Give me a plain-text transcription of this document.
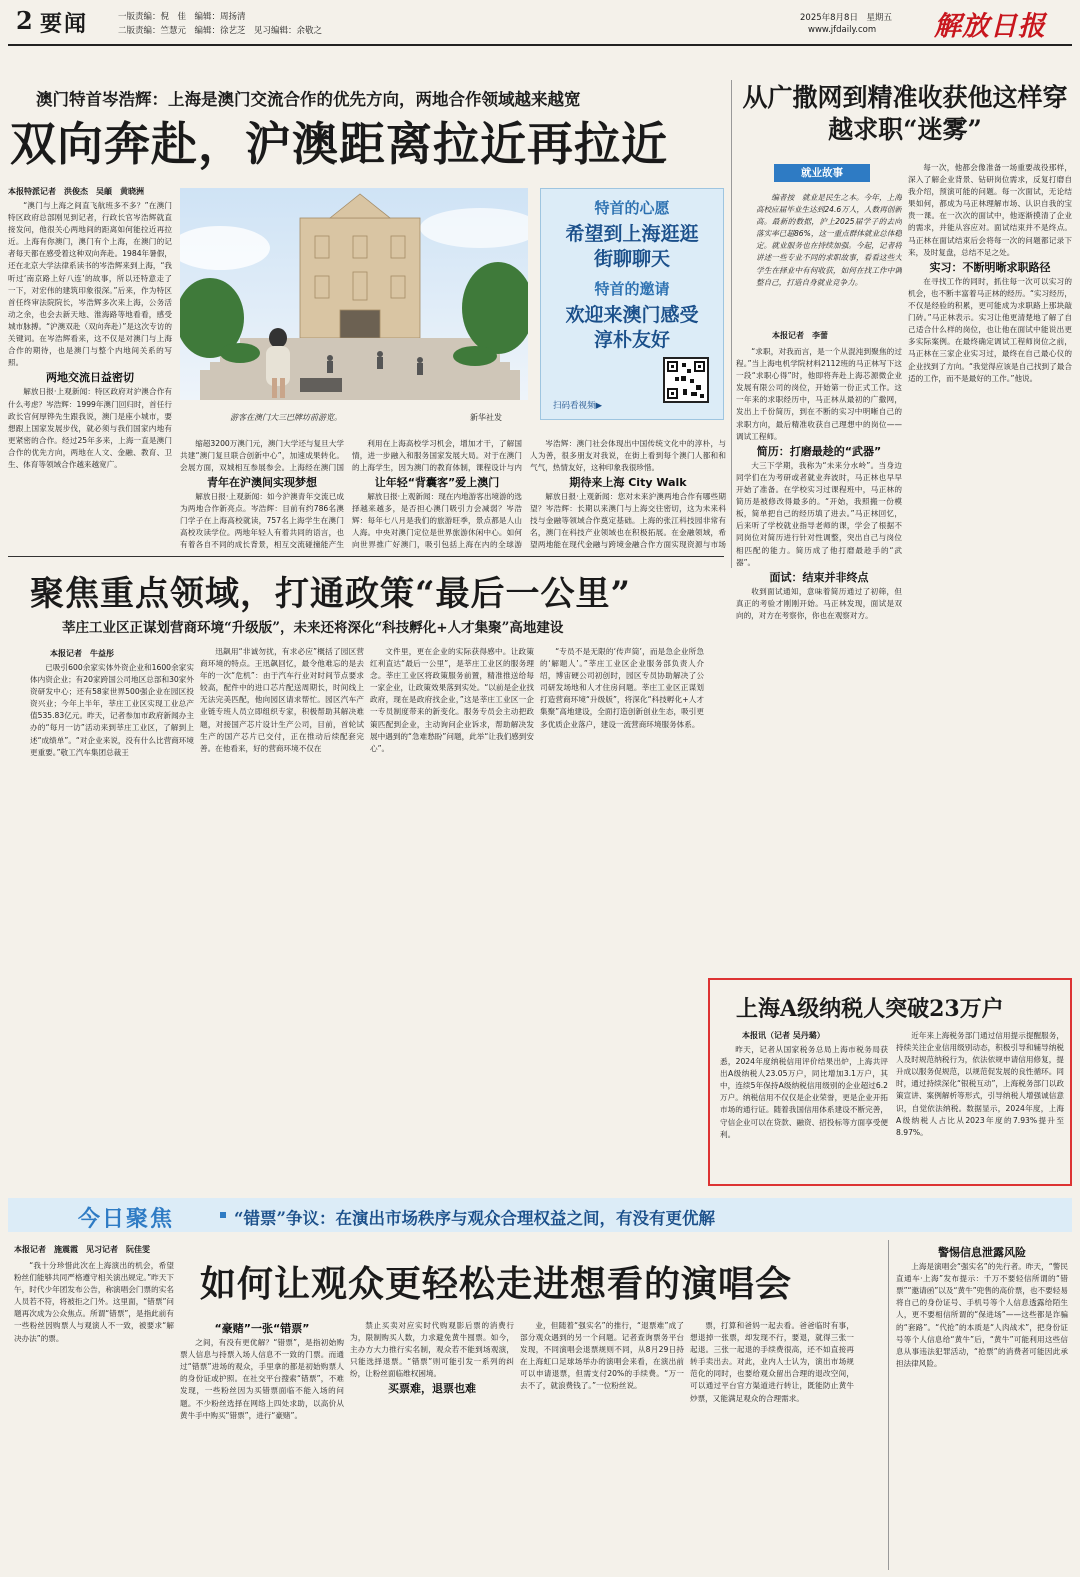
2 要闻	一版责编：倪　佳　编辑：周扬清
二版责编：竺慧元　编辑：徐艺芝　见习编辑：余敬之
2025年8月8日　星期五
www.jfdaily.com 解放日报
澳门特首岑浩辉：上海是澳门交流合作的优先方向，两地合作领域越来越宽
双向奔赴，沪澳距离拉近再拉近
本报特派记者　洪俊杰　吴頔　黄晓洲

“澳门与上海之间直飞航班多不多？”在澳门特区政府总部刚见到记者，行政长官岑浩辉就直接发问，他很关心两地间的距离如何能拉近再拉近。上海有你澳门，澳门有个上海，在澳门的记者每天都在感受着这种双向奔赴。1984年暑假，还在北京大学法律系读书的岑浩辉来到上海，“我听过‘南京路上好八连’的故事，所以还特意走了一下，对宏伟的建筑印象很深。”后来，作为特区首任终审法院院长，岑浩辉多次来上海，公务活动之余，也会去新天地、淮海路等地看看，感受城市脉搏。“沪澳双赴（双向奔赴）”是这次专访的关键词。在岑浩辉看来，这不仅是对澳门与上海合作的期待，也是澳门与整个内地间关系的写照。

两地交流日益密切

解放日报·上观新闻：特区政府对沪澳合作有什么考虑？岑浩辉：1999年澳门回归时，首任行政长官何厚铧先生跟我说，澳门是座小城市，要想跟上国家发展步伐，就必须与我们国家内地有更紧密的合作。经过25年多来，上海一直是澳门合作的优先方向，两地在人文、金融、教育、卫生、体育等领域合作越来越宽广。

游客在澳门大三巴牌坊前游览。	新华社发
特首的心愿
希望到上海逛逛街聊聊天
特首的邀请
欢迎来澳门感受淳朴友好
扫码看视频▶

从广撒网到精准收获他这样穿越求职“迷雾”
就业故事

编者按　就业是民生之本。今年，上海高校应届毕业生达到24.6万人，人数再创新高。最新的数据，沪上2025届学子的去向落实率已超86%，这一重点群体就业总体稳定。就业服务也在持续加强。今起，记者将讲述一些专业不同的求职故事，看看这些大学生在择业中有何收获，如何在找工作中调整自己，打造自身就业竞争力。

本报记者　李蕾

“求职，对我而言，是一个从混沌到聚焦的过程。”当上海电机学院材料2112班的马正林写下这一段“求职心得”时，他即将奔赴上海芯源微企业发展有限公司的岗位，开始第一份正式工作。这一年来的求职经历中，马正林从最初的广撒网，发出上千份简历，到在不断的实习中明晰自己的求职方向，最后精准收获自己理想中的岗位——调试工程师。

简历：打磨最趁的“武器”

大三下学期，我称为“未来分水岭”。当身边同学们在为考研或者就业奔波时，马正林也早早开始了准备。在学校实习过课程班中，马正林的简历是被修改得最多的。“开始，我照搬一份模板，简单把自己的经历填了进去。”马正林回忆，后来听了学校就业指导老师的课，学会了根据不同岗位对简历进行针对性调整，突出自己与岗位相匹配的能力。简历成了他打磨最趁手的“武器”。

面试：结束并非终点

收到面试通知，意味着简历通过了初筛，但真正的考验才刚刚开始。马正林发现，面试是双向的，对方在考察你，你也在观察对方。

每一次，他都会像准备一场重要战役那样，深入了解企业背景、钻研岗位需求，反复打磨自我介绍，预演可能的问题。每一次面试，无论结果如何，都成为马正林理解市场、认识自我的宝贵一课。在一次次的面试中，他逐渐摸清了企业的需求，并能从容应对。面试结束并不是终点。马正林在面试结束后会将每一次的问题都记录下来，及时复盘，总结不足之处。

实习：不断明晰求职路径

在寻找工作的同时，抓住每一次可以实习的机会，也不断丰富着马正林的经历。“实习经历，不仅是经验的积累，更可能成为求职路上那块敲门砖。”马正林表示。实习让他更清楚地了解了自己适合什么样的岗位，也让他在面试中能说出更多实际案例。在最终确定调试工程师岗位之前，马正林在三家企业实习过，最终在自己最心仪的企业找到了方向。“我觉得应该是自己找到了最合适的工作，而不是最好的工作。”他说。

聚焦重点领域，打通政策“最后一公里”
莘庄工业区正谋划营商环境“升级版”，未来还将深化“科技孵化+人才集聚”高地建设
本报记者　牛益彤

已吸引600余家实体外资企业和1600余家实体内资企业；有20家跨国公司地区总部和30家外资研发中心；还有58家世界500强企业在园区投资兴业；今年上半年，莘庄工业区实现工业总产值535.83亿元。昨天，记者参加市政府新闻办主办的“每月一访”活动来到莘庄工业区，了解到上述“成绩单”。“对企业来说，没有什么比营商环境更重要。”敬工汽车集团总裁王

迅飙用“非诚勿扰，有求必应”概括了园区营商环境的特点。王迅飙回忆，最令他难忘的是去年的一次“危机”：由于汽车行业对时间节点要求较高，配件中的进口芯片配送周期长，时间线上无法完美匹配，他向园区请求帮忙。园区汽车产业链专班人员立即组织专家，积极帮助其解决难题，对接国产芯片设计生产公司，目前，首轮试生产的国产芯片已交付，正在推动后续配套完善。在他看来，好的营商环境不仅在

文件里，更在企业的实际获得感中。让政策红利直达“最后一公里”，是莘庄工业区的服务理念。莘庄工业区将政策服务前置，精准推送给每一家企业，让政策效果落到实处。“以前是企业找政府，现在是政府找企业，”这是莘庄工业区一企一专员制度带来的新变化。服务专员会主动把政策匹配到企业，主动询问企业诉求，帮助解决发展中遇到的“急难愁盼”问题，此举“让我们感到安心”。

“专员不是无限的‘传声筒’，而是急企业所急的‘解题人’。”莘庄工业区企业服务部负责人介绍，博宙硬公司初创时，园区专员协助解决了公司研发场地和人才住房问题。莘庄工业区正谋划打造营商环境“升级版”，将深化“科技孵化+人才集聚”高地建设，全面打造创新创业生态，吸引更多优质企业落户，建设一流营商环境服务体系。

上海A级纳税人突破23万户
本报讯（记者 吴丹璐）

昨天，记者从国家税务总局上海市税务局获悉，2024年度纳税信用评价结果出炉，上海共评出A级纳税人23.05万户，同比增加3.1万户，其中，连续5年保持A级纳税信用级别的企业超过6.2万户。纳税信用不仅仅是企业荣誉，更是企业开拓市场的通行证。随着我国信用体系建设不断完善，守信企业可以在贷款、融资、招投标等方面享受便利。

近年来上海税务部门通过信用提示提醒服务，持续关注企业信用级别动态，积极引导和辅导纳税人及时规范纳税行为，依法依规申请信用修复，提升成以服务促规范，以规范促发展的良性循环。同时，通过持续深化“银税互动”，上海税务部门以政策宣讲、案例解析等形式，引导纳税人增强诚信意识，自觉依法纳税。数据显示，2024年度，上海A级纳税人占比从2023年度的7.93%提升至8.97%。

今日聚焦	“错票”争议：在演出市场秩序与观众合理权益之间，有没有更优解
本报记者　施震霞　见习记者　阮佳雯
如何让观众更轻松走进想看的演唱会

“我十分珍惜此次在上海演出的机会，希望粉丝们能够共同严格遵守相关演出规定。”昨天下午，时代少年团发布公告，称演唱会门票的实名人员若不符，将被拒之门外。这里面，“错票”问题再次成为公众焦点。所谓“错票”，是指此前有一些粉丝因购票人与观演人不一致，被要求“解决办法”的票。

“豪赌”一张“错票”

之间，有没有更优解？“错票”，是指初始购票人信息与持票入场人信息不一致的门票。而通过“错票”进场的观众，手里拿的都是初始购票人的身份证或护照。在社交平台搜索“错票”，不难发现，一些粉丝因为买错票面临不能入场的问题。不少粉丝选择在网络上四处求助，以高价从黄牛手中购买“错票”，进行“豪赌”。

禁止买卖对应实时代购观影后票的消费行为，限制购买人数，力求避免黄牛囤票。如今，主办方大力推行实名制，观众若不能到场观演，只能选择退票。“错票”则可能引发一系列的纠纷，让粉丝面临维权困境。

买票难，退票也难

业，但随着“强实名”的推行，“退票难”成了部分观众遇到的另一个问题。记者查询票务平台发现，不同演唱会退票规则不同，从8月29日持在上海虹口足球场举办的演唱会来看，在演出前可以申请退票，但需支付20%的手续费。“万一去不了，就浪费钱了。”一位粉丝说。

票，打算和爸妈一起去看。爸爸临时有事，想退掉一张票，却发现不行，要退，就得三张一起退。三张一起退的手续费很高，还不如直接再转手卖出去。对此，业内人士认为，演出市场规范化的同时，也要给观众留出合理的退改空间，可以通过平台官方渠道进行转让，既能防止黄牛炒票，又能满足观众的合理需求。

警惕信息泄露风险

上海是演唱会“强实名”的先行者。昨天，“警民直通车·上海”发布提示：千万不要轻信所谓的“错票”“邀请函”以及“黄牛”兜售的高价票，也不要轻易将自己的身份证号、手机号等个人信息透露给陌生人，更不要相信所谓的“保进场”——这些都是诈骗的“套路”。“代抢”的本质是“人肉战术”，把身份证号等个人信息给“黄牛”后，“黄牛”可能利用这些信息从事违法犯罪活动，“抢票”的消费者可能因此承担法律风险。

缩超3200万澳门元，澳门大学还与复旦大学共建“澳门复旦联合创新中心”，加速成果转化。会展方面，双城相互参展参会。上海经在澳门国

青年在沪澳间实现梦想

解放日报·上观新闻：如今沪澳青年交流已成为两地合作新亮点。岑浩辉：目前有约786名澳门学子在上海高校就读，757名上海学生在澳门高校攻读学位。两地年轻人有着共同的语言，也有着各自不同的成长背景，相互交流碰撞能产生

利用在上海高校学习机会，增加才干，了解国情，进一步融入和服务国家发展大局。对于在澳门的上海学生，因为澳门的教育体制，课程设计与内

让年轻“背囊客”爱上澳门

解放日报·上观新闻：现在内地游客出境游的选择越来越多，是否担心澳门吸引力会减弱？岑浩辉：每年七八月是我们的旅游旺季，景点都是人山人海。中央对澳门定位是世界旅游休闲中心。如何向世界推广好澳门，吸引包括上海在内的全球游

岑浩辉：澳门社会体现出中国传统文化中的淳朴，与人为善，很多朋友对我说，在街上看到每个澳门人都和和气气，热情友好，这种印象我很珍惜。

期待来上海 City Walk

解放日报·上观新闻：您对未来沪澳两地合作有哪些期望？岑浩辉：长期以来澳门与上海交往密切，这为未来科技与金融等领域合作奠定基础。上海的张江科技园非常有名，澳门在科技产业领域也在积极拓展。在金融领域，希望两地能在现代金融与跨境金融合作方面实现资源与市场
